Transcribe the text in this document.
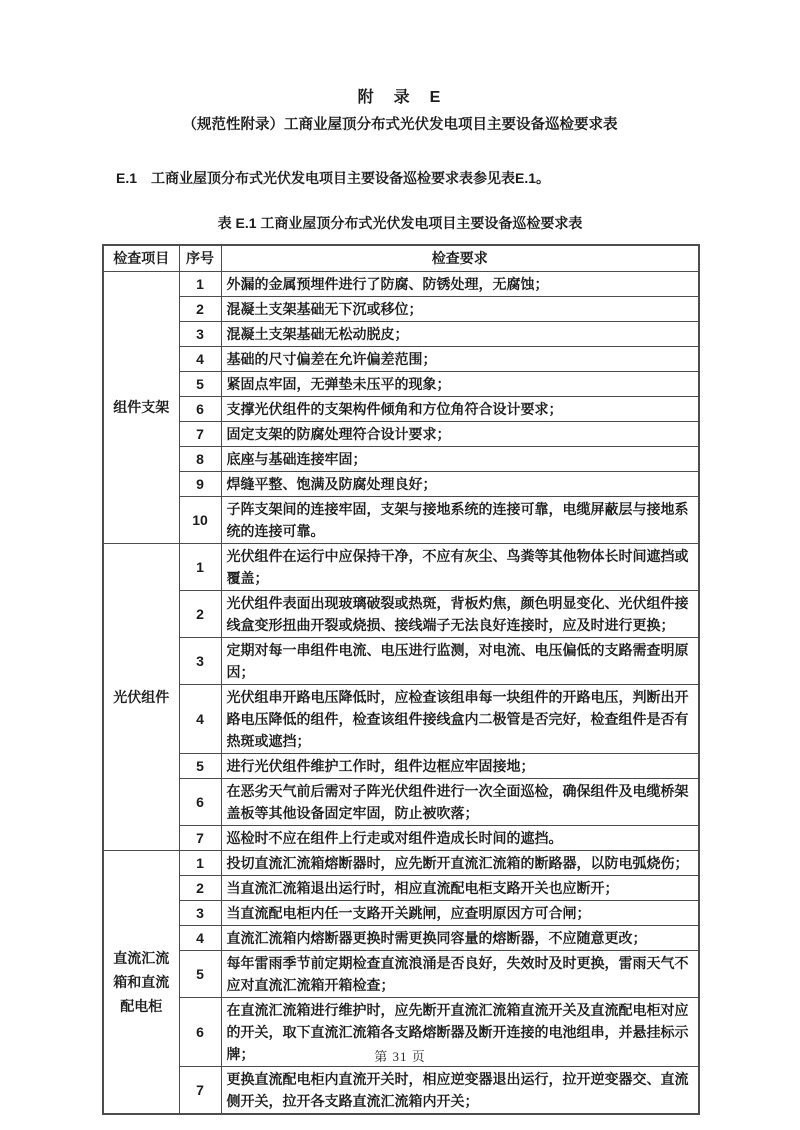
附　录　E
（规范性附录）工商业屋顶分布式光伏发电项目主要设备巡检要求表
E.1　工商业屋顶分布式光伏发电项目主要设备巡检要求表参见表E.1。
表 E.1 工商业屋顶分布式光伏发电项目主要设备巡检要求表
检查项目	序号	检查要求
组件支架	1	外漏的金属预埋件进行了防腐、防锈处理，无腐蚀；
	2	混凝土支架基础无下沉或移位；
	3	混凝土支架基础无松动脱皮；
	4	基础的尺寸偏差在允许偏差范围；
	5	紧固点牢固，无弹垫未压平的现象；
	6	支撑光伏组件的支架构件倾角和方位角符合设计要求；
	7	固定支架的防腐处理符合设计要求；
	8	底座与基础连接牢固；
	9	焊缝平整、饱满及防腐处理良好；
	10	子阵支架间的连接牢固，支架与接地系统的连接可靠，电缆屏蔽层与接地系统的连接可靠。
光伏组件	1	光伏组件在运行中应保持干净，不应有灰尘、鸟粪等其他物体长时间遮挡或覆盖；
	2	光伏组件表面出现玻璃破裂或热斑，背板灼焦，颜色明显变化、光伏组件接线盒变形扭曲开裂或烧损、接线端子无法良好连接时，应及时进行更换；
	3	定期对每一串组件电流、电压进行监测，对电流、电压偏低的支路需查明原因；
	4	光伏组串开路电压降低时，应检查该组串每一块组件的开路电压，判断出开路电压降低的组件，检查该组件接线盒内二极管是否完好，检查组件是否有热斑或遮挡；
	5	进行光伏组件维护工作时，组件边框应牢固接地；
	6	在恶劣天气前后需对子阵光伏组件进行一次全面巡检，确保组件及电缆桥架盖板等其他设备固定牢固，防止被吹落；
	7	巡检时不应在组件上行走或对组件造成长时间的遮挡。
直流汇流箱和直流配电柜	1	投切直流汇流箱熔断器时，应先断开直流汇流箱的断路器，以防电弧烧伤；
	2	当直流汇流箱退出运行时，相应直流配电柜支路开关也应断开；
	3	当直流配电柜内任一支路开关跳闸，应查明原因方可合闸；
	4	直流汇流箱内熔断器更换时需更换同容量的熔断器，不应随意更改；
	5	每年雷雨季节前定期检查直流浪涌是否良好，失效时及时更换，雷雨天气不应对直流汇流箱开箱检查；
	6	在直流汇流箱进行维护时，应先断开直流汇流箱直流开关及直流配电柜对应的开关，取下直流汇流箱各支路熔断器及断开连接的电池组串，并悬挂标示牌；
	7	更换直流配电柜内直流开关时，相应逆变器退出运行，拉开逆变器交、直流侧开关，拉开各支路直流汇流箱内开关；
第 31 页
